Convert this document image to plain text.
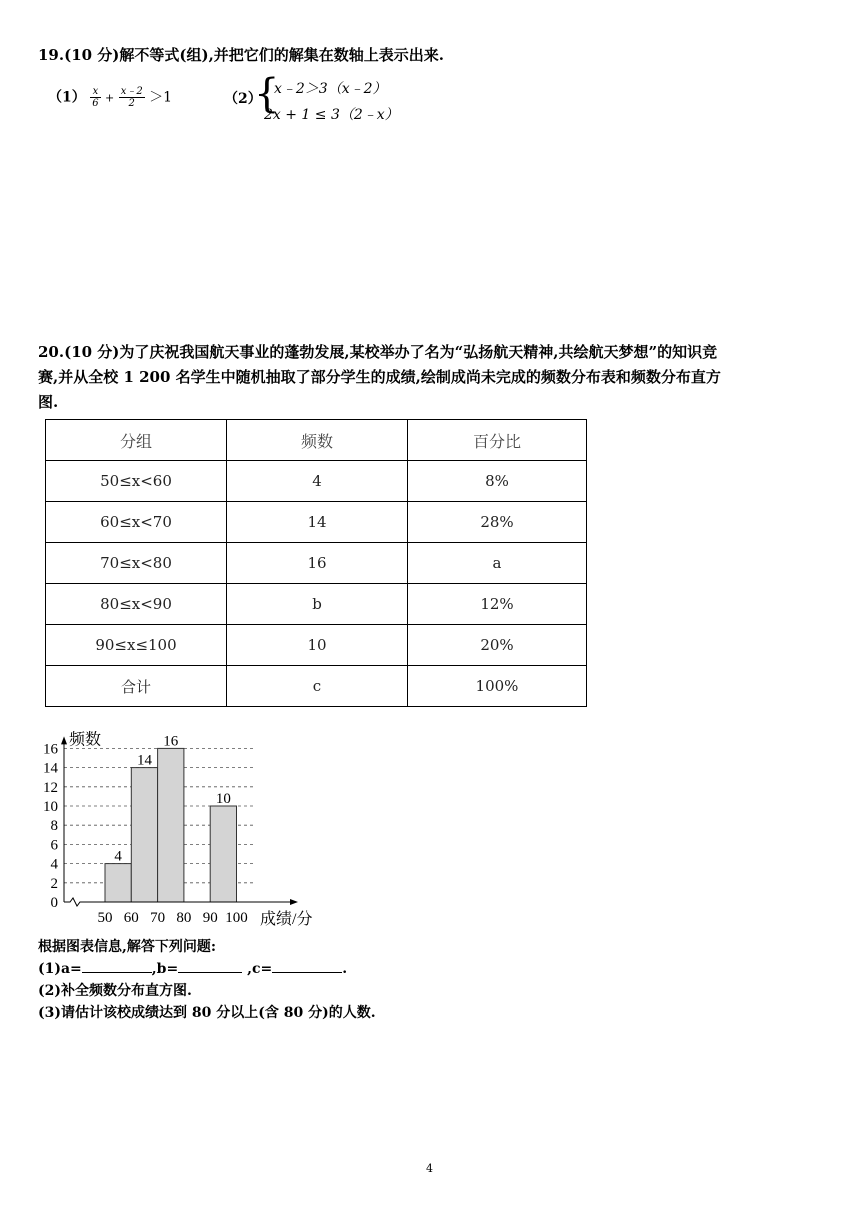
19.(10 分)解不等式(组),并把它们的解集在数轴上表示出来.
$(1) \frac{x}{6} + \frac{x﹣2}{2} >1$	（2）
{
x﹣2＞3（x﹣2）
2x + 1 ≤ 3（2﹣x）
20.(10 分)为了庆祝我国航天事业的蓬勃发展,某校举办了名为“弘扬航天精神,共绘航天梦想”的知识竞
赛,并从全校 1 200 名学生中随机抽取了部分学生的成绩,绘制成尚未完成的频数分布表和频数分布直方
图.
分组	频数	百分比
50≤x<60	4	8%
60≤x<70	14	28%
70≤x<80	16	a
80≤x<90	b	12%
90≤x≤100	10	20%
合计	c	100%
4
14
16
10
0
2
4
6
8
10
12
14
16
50 60 70 80 90 100
频数
成绩/分
根据图表信息,解答下列问题:
(1)a=	,b=	,c=	.
(2)补全频数分布直方图.
(3)请估计该校成绩达到 80 分以上(含 80 分)的人数.
4
